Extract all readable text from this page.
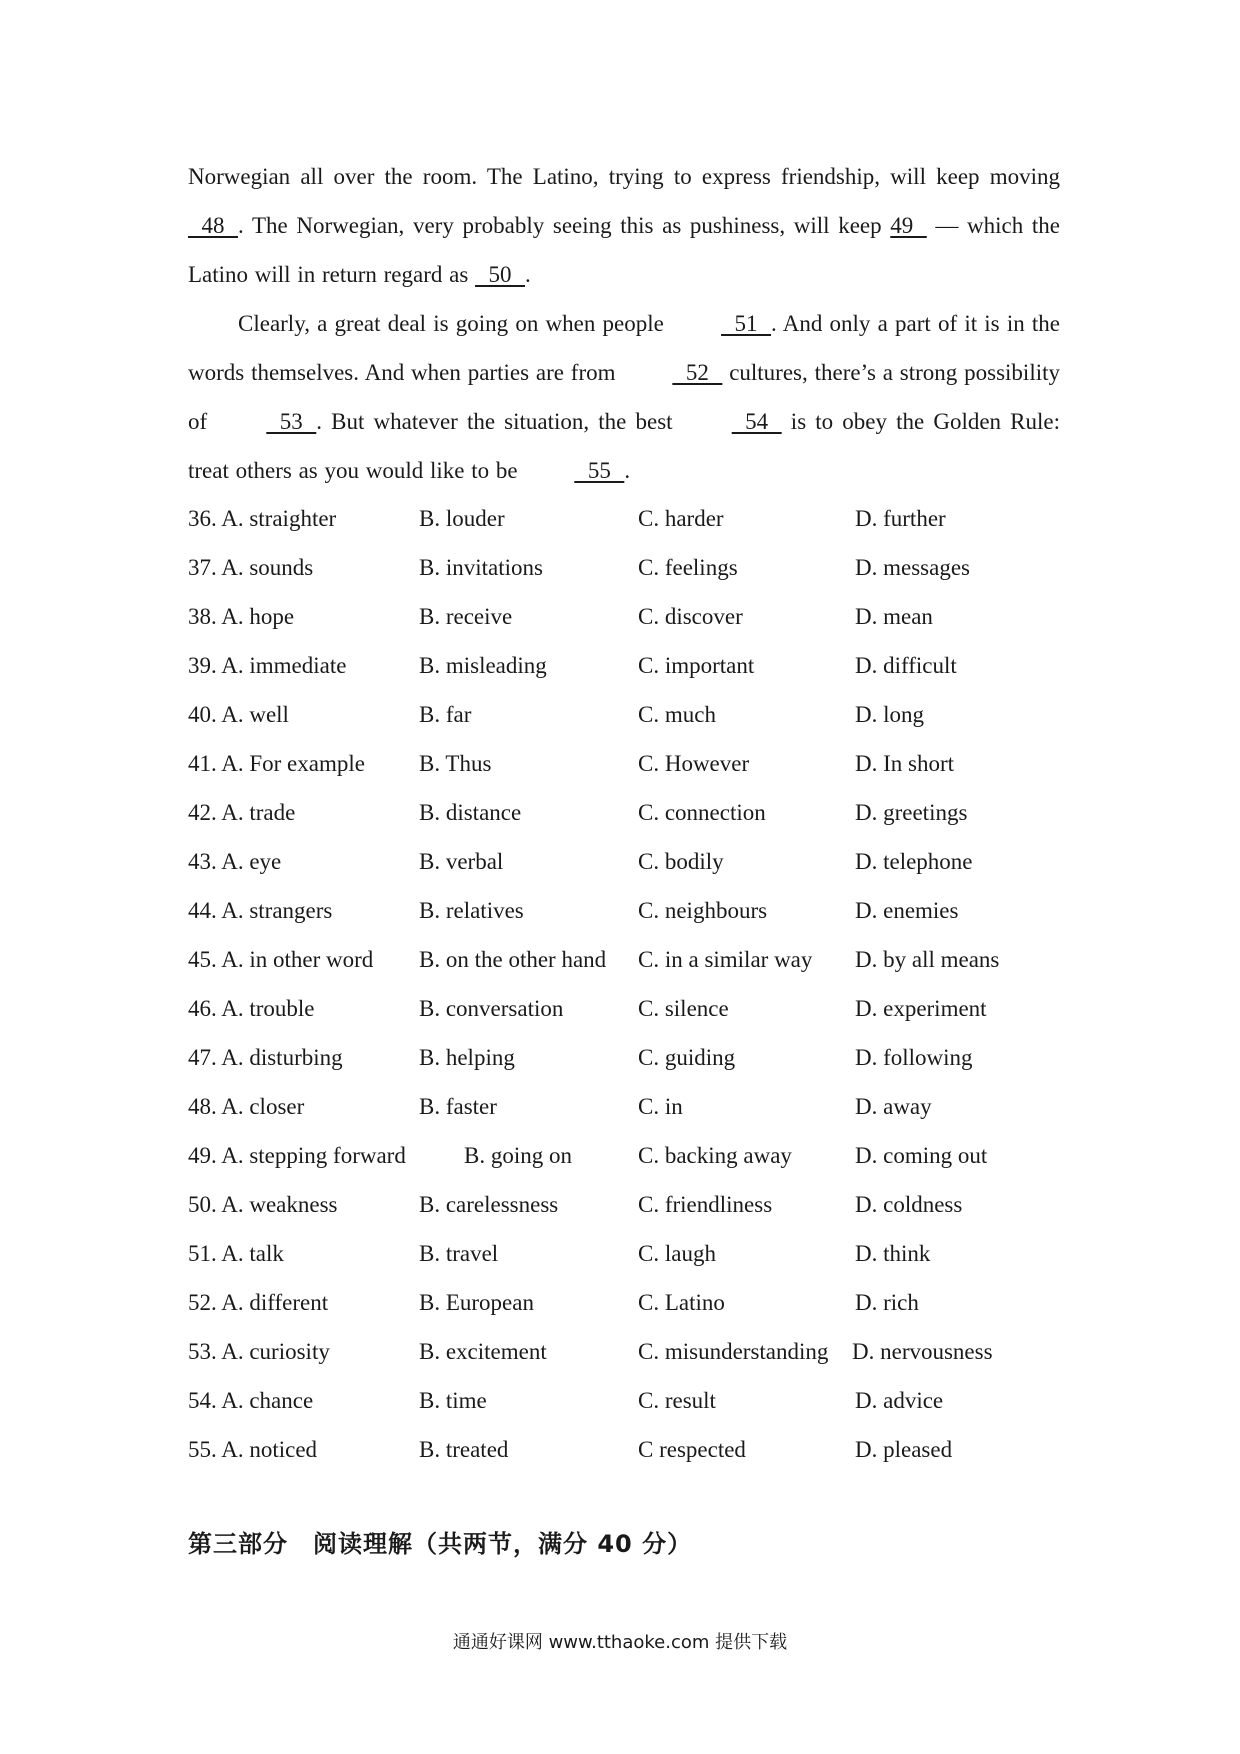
Norwegian all over the room. The Latino, trying to express friendship, will keep moving   48  . The Norwegian, very probably seeing this as pushiness, will keep 49   — which the Latino will in return regard as   50  .

Clearly, a great deal is going on when people   51  . And only a part of it is in the words themselves. And when parties are from   52   cultures, there’s a strong possibility of   53  . But whatever the situation, the best   54   is to obey the Golden Rule: treat others as you would like to be   55  .

36. A. straighter	B. louder	C. harder	D. further
37. A. sounds	B. invitations	C. feelings	D. messages
38. A. hope	B. receive	C. discover	D. mean
39. A. immediate	B. misleading	C. important	D. difficult
40. A. well	B. far	C. much	D. long
41. A. For example B. Thus	C. However	D. In short
42. A. trade	B. distance	C. connection	D. greetings
43. A. eye	B. verbal	C. bodily	D. telephone
44. A. strangers	B. relatives	C. neighbours	D. enemies
45. A. in other word B. on the other hand C. in a similar way D. by all means
46. A. trouble	B. conversation	C. silence	D. experiment
47. A. disturbing	B. helping	C. guiding	D. following
48. A. closer	B. faster	C. in	D. away
49. A. stepping forward	B. going on	C. backing away	D. coming out
50. A. weakness	B. carelessness	C. friendliness	D. coldness
51. A. talk	B. travel	C. laugh	D. think
52. A. different	B. European	C. Latino	D. rich
53. A. curiosity	B. excitement	C. misunderstanding D. nervousness
54. A. chance	B. time	C. result	D. advice
55. A. noticed	B. treated	C respected	D. pleased
第三部分　阅读理解（共两节，满分 40 分）
通通好课网 www.tthaoke.com 提供下载
